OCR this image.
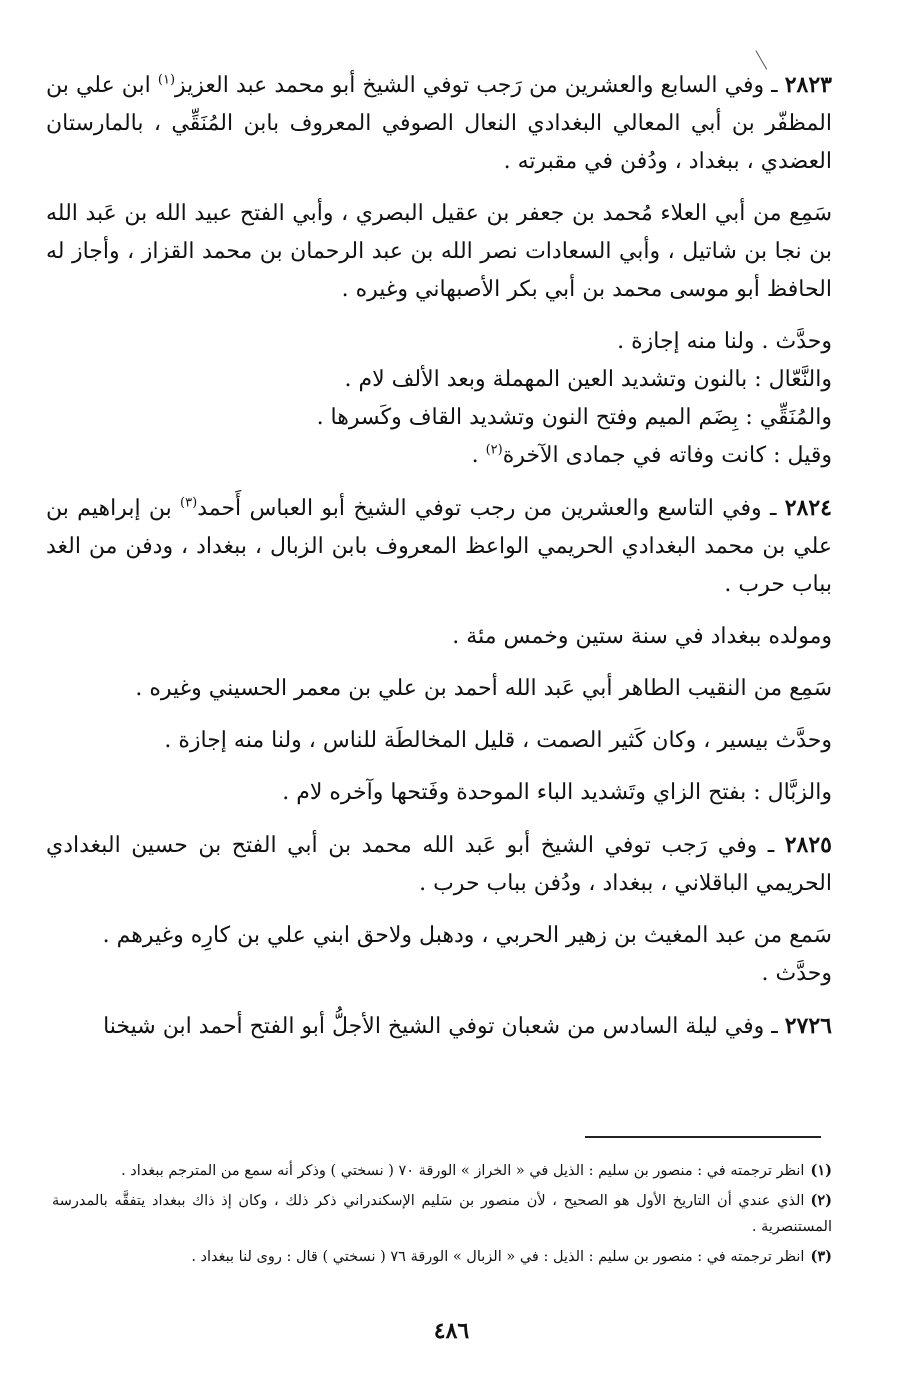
٢٨٢٣ ـ وفي السابع والعشرين من رَجب توفي الشيخ أبو محمد عبد العزيز$^{(١)}$ ابن علي بن المظفّر بن أبي المعالي البغدادي النعال الصوفي المعروف بابن المُنَقِّي ، بالمارستان العضدي ، ببغداد ، ودُفن في مقبرته .

سَمِع من أبي العلاء مُحمد بن جعفر بن عقيل البصري ، وأبي الفتح عبيد الله بن عَبد الله بن نجا بن شاتيل ، وأبي السعادات نصر الله بن عبد الرحمان بن محمد القزاز ، وأجاز له الحافظ أبو موسى محمد بن أبي بكر الأصبهاني وغيره .

وحدَّث . ولنا منه إجازة .

والنَّعّال : بالنون وتشديد العين المهملة وبعد الألف لام .

والمُنَقِّي : بِضَم الميم وفتح النون وتشديد القاف وكَسرها .

وقيل : كانت وفاته في جمادى الآخرة$^{(٢)}$ .

٢٨٢٤ ـ وفي التاسع والعشرين من رجب توفي الشيخ أبو العباس أَحمد$^{(٣)}$ بن إبراهيم بن علي بن محمد البغدادي الحريمي الواعظ المعروف بابن الزبال ، ببغداد ، ودفن من الغد بباب حرب .

ومولده ببغداد في سنة ستين وخمس مئة .

سَمِع من النقيب الطاهر أبي عَبد الله أحمد بن علي بن معمر الحسيني وغيره .

وحدَّث بيسير ، وكان كَثير الصمت ، قليل المخالطَة للناس ، ولنا منه إجازة .

والزبَّال : بفتح الزاي وتَشديد الباء الموحدة وفَتحها وآخره لام .

٢٨٢٥ ـ وفي رَجب توفي الشيخ أبو عَبد الله محمد بن أبي الفتح بن حسين البغدادي الحريمي الباقلاني ، ببغداد ، ودُفن بباب حرب .

سَمع من عبد المغيث بن زهير الحربي ، ودهبل ولاحق ابني علي بن كارِه وغيرهم .

وحدَّث .

٢٧٢٦ ـ وفي ليلة السادس من شعبان توفي الشيخ الأجلُّ أبو الفتح أحمد ابن شيخنا

(١)انظر ترجمته في : منصور بن سليم : الذيل في « الخراز » الورقة ٧٠ ( نسختي ) وذكر أنه سمع من المترجم ببغداد .

(٢)الذي عندي أن التاريخ الأول هو الصحيح ، لأن منصور بن سَليم الإسكندراني ذكر ذلك ، وكان إذ ذاك ببغداد يتفقَّه بالمدرسة المستنصرية .

(٣)انظر ترجمته في : منصور بن سليم : الذيل : في « الزبال » الورقة ٧٦ ( نسختي ) قال : روى لنا ببغداد .

٤٨٦
